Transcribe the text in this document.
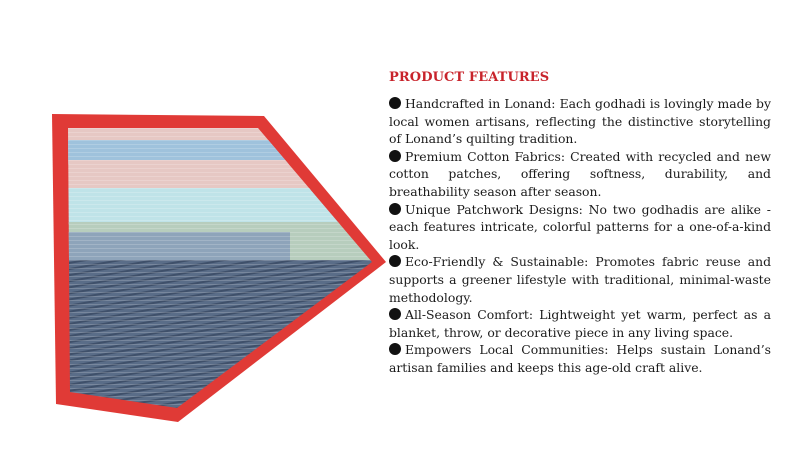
PRODUCT FEATURES
Handcrafted in Lonand: Each godhadi is lovingly made by local women artisans, reflecting the distinctive storytelling of Lonand’s quilting tradition.
Premium Cotton Fabrics: Created with recycled and new cotton patches, offering softness, durability, and breathability season after season.
Unique Patchwork Designs: No two godhadis are alike - each features intricate, colorful patterns for a one-of-a-kind look.
Eco-Friendly & Sustainable: Promotes fabric reuse and supports a greener lifestyle with traditional, minimal-waste methodology.
All-Season Comfort: Lightweight yet warm, perfect as a blanket, throw, or decorative piece in any living space.
Empowers Local Communities: Helps sustain Lonand’s artisan families and keeps this age-old craft alive.
